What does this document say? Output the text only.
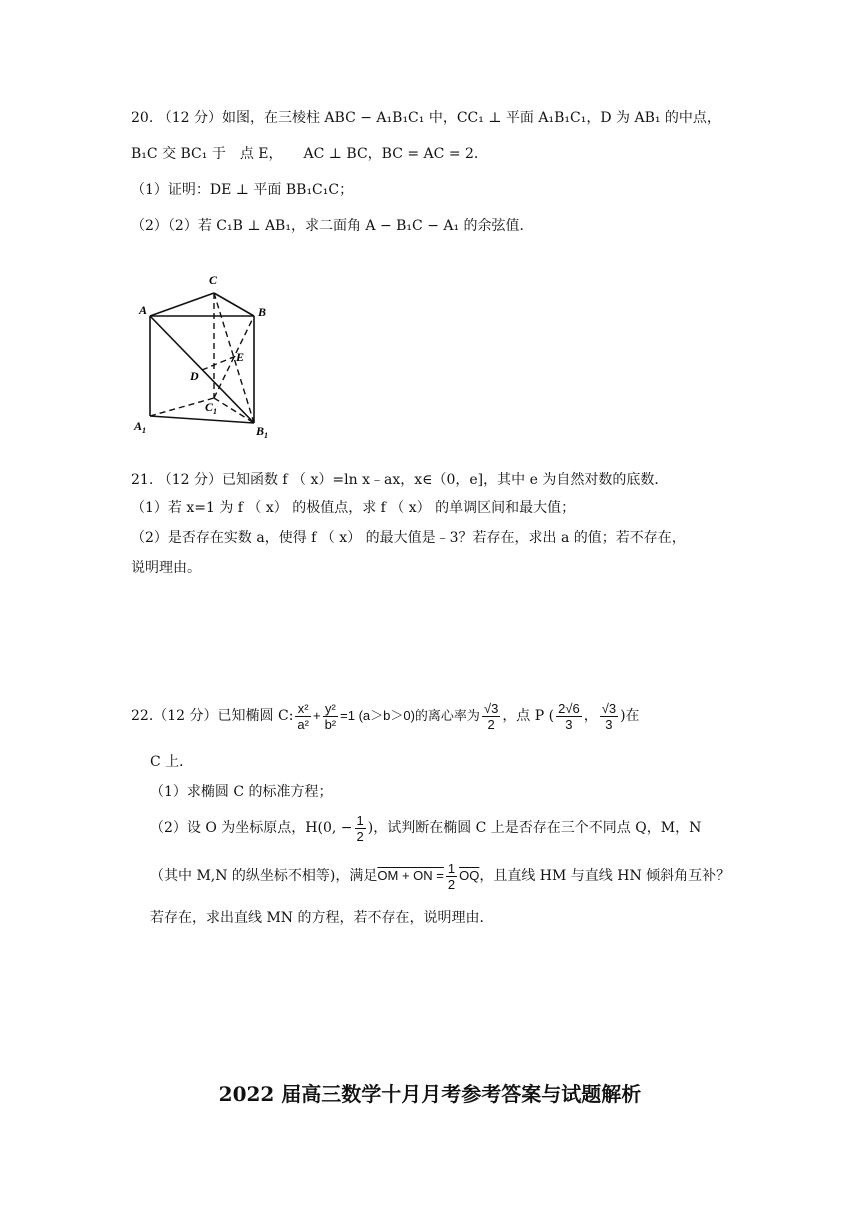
20. （12 分）如图，在三棱柱 ABC − A₁B₁C₁ 中，CC₁ ⊥ 平面 A₁B₁C₁，D 为 AB₁ 的中点，
B₁C 交 BC₁ 于　点 E，　　AC ⊥ BC，BC = AC = 2．
（1）证明：DE ⊥ 平面 BB₁C₁C；
（2）（2）若 C₁B ⊥ AB₁，求二面角 A − B₁C − A₁ 的余弦值．
C
A	B
E
D
C 1
A 1	B 1
21. （12 分）已知函数 f （ x）=ln x﹣ax，x∈（0，e]，其中 e 为自然对数的底数．
（1）若 x=1 为 f （ x） 的极值点，求 f （ x） 的单调区间和最大值；
（2）是否存在实数 a，使得 f （ x） 的最大值是﹣3？若存在，求出 a 的值；若不存在，
说明理由。
22.（12 分）已知椭圆 C: $\frac{\text{x²}}{\text{a²}} + \frac{\text{y²}}{\text{b²}} =1$ (a＞b＞0)的离心率为 $\frac{√3}{2}$ ，点 P ( $\frac{2√6}{3}$ ， $\frac{√3}{3}$ )在
C 上．
（1）求椭圆 C 的标准方程；
（2）设 O 为坐标原点，H(0, − $\frac{1}{2}$ )，试判断在椭圆 C 上是否存在三个不同点 Q，M，N
（其中 M,N 的纵坐标不相等)，满足OM + ON = $\frac{1}{2} \overline{OQ}$，且直线 HM 与直线 HN 倾斜角互补？
若存在，求出直线 MN 的方程，若不存在，说明理由．
2022 届高三数学十月月考参考答案与试题解析
